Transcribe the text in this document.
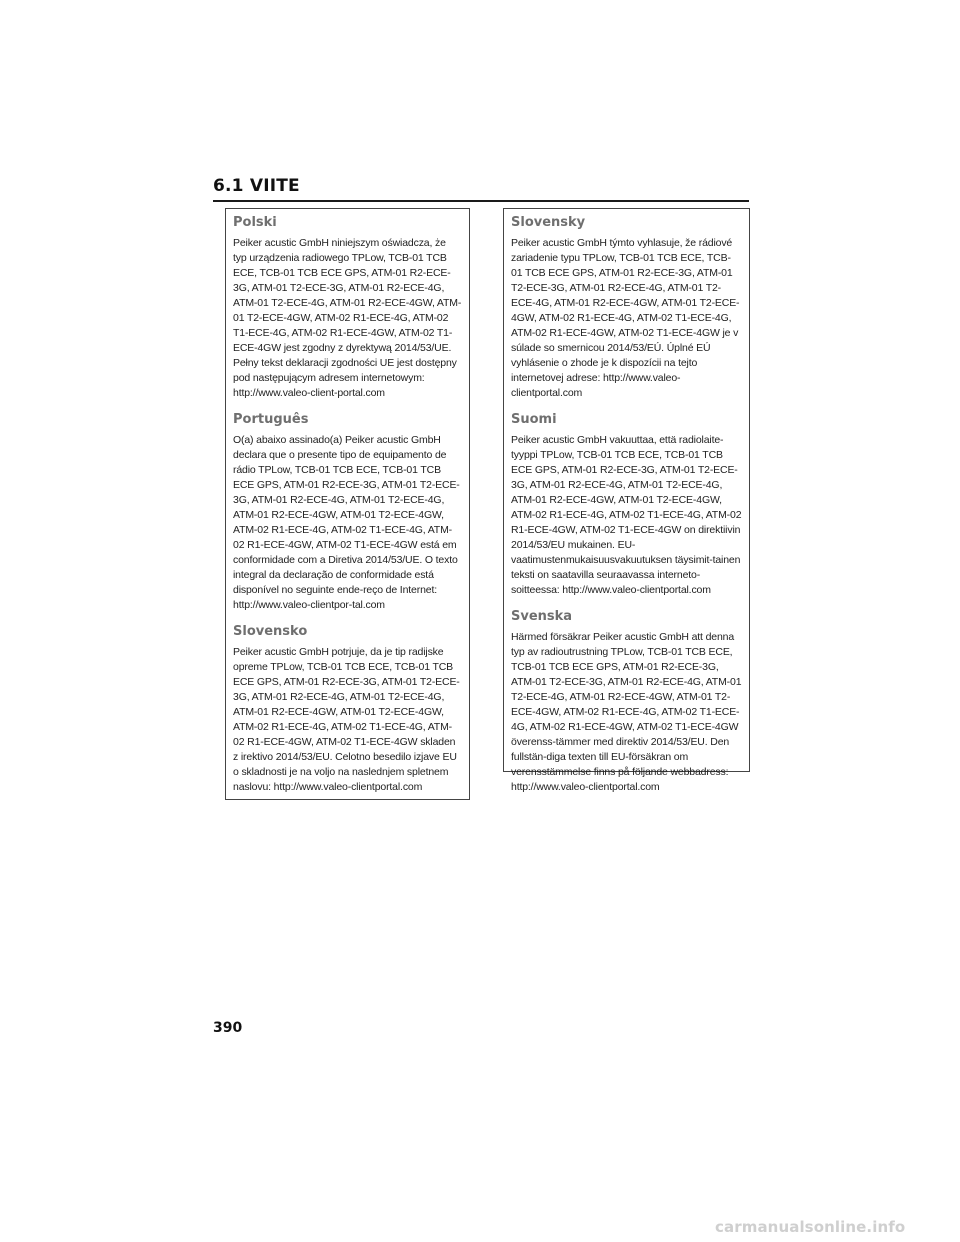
6.1 VIITE
Polski

Peiker acustic GmbH niniejszym oświadcza, że typ urządzenia radiowego TPLow, TCB-01 TCB ECE, TCB-01 TCB ECE GPS, ATM-01 R2-ECE-3G, ATM-01 T2-ECE-3G, ATM-01 R2-ECE-4G, ATM-01 T2-ECE-4G, ATM-01 R2-ECE-4GW, ATM-01 T2-ECE-4GW, ATM-02 R1-ECE-4G, ATM-02 T1-ECE-4G, ATM-02 R1-ECE-4GW, ATM-02 T1-ECE-4GW jest zgodny z dyrektywą 2014/53/UE. Pełny tekst deklaracji zgodności UE jest dostępny pod następującym adresem internetowym: http://www.valeo-client-portal.com

Português

O(a) abaixo assinado(a) Peiker acustic GmbH declara que o presente tipo de equipamento de rádio TPLow, TCB-01 TCB ECE, TCB-01 TCB ECE GPS, ATM-01 R2-ECE-3G, ATM-01 T2-ECE-3G, ATM-01 R2-ECE-4G, ATM-01 T2-ECE-4G, ATM-01 R2-ECE-4GW, ATM-01 T2-ECE-4GW, ATM-02 R1-ECE-4G, ATM-02 T1-ECE-4G, ATM-02 R1-ECE-4GW, ATM-02 T1-ECE-4GW está em conformidade com a Diretiva 2014/53/UE. O texto integral da declaração de conformidade está disponível no seguinte ende-reço de Internet: http://www.valeo-clientpor-tal.com

Slovensko

Peiker acustic GmbH potrjuje, da je tip radijske opreme TPLow, TCB-01 TCB ECE, TCB-01 TCB ECE GPS, ATM-01 R2-ECE-3G, ATM-01 T2-ECE-3G, ATM-01 R2-ECE-4G, ATM-01 T2-ECE-4G, ATM-01 R2-ECE-4GW, ATM-01 T2-ECE-4GW, ATM-02 R1-ECE-4G, ATM-02 T1-ECE-4G, ATM-02 R1-ECE-4GW, ATM-02 T1-ECE-4GW skladen z irektivo 2014/53/EU. Celotno besedilo izjave EU o skladnosti je na voljo na naslednjem spletnem naslovu: http://www.valeo-clientportal.com

Slovensky

Peiker acustic GmbH týmto vyhlasuje, že rádiové zariadenie typu TPLow, TCB-01 TCB ECE, TCB-01 TCB ECE GPS, ATM-01 R2-ECE-3G, ATM-01 T2-ECE-3G, ATM-01 R2-ECE-4G, ATM-01 T2-ECE-4G, ATM-01 R2-ECE-4GW, ATM-01 T2-ECE-4GW, ATM-02 R1-ECE-4G, ATM-02 T1-ECE-4G, ATM-02 R1-ECE-4GW, ATM-02 T1-ECE-4GW je v súlade so smernicou 2014/53/EÚ. Úplné EÚ vyhlásenie o zhode je k dispozícii na tejto internetovej adrese: http://www.valeo-clientportal.com

Suomi

Peiker acustic GmbH vakuuttaa, että radiolaite-tyyppi TPLow, TCB-01 TCB ECE, TCB-01 TCB ECE GPS, ATM-01 R2-ECE-3G, ATM-01 T2-ECE-3G, ATM-01 R2-ECE-4G, ATM-01 T2-ECE-4G, ATM-01 R2-ECE-4GW, ATM-01 T2-ECE-4GW, ATM-02 R1-ECE-4G, ATM-02 T1-ECE-4G, ATM-02 R1-ECE-4GW, ATM-02 T1-ECE-4GW on direktiivin 2014/53/EU mukainen. EU-vaatimustenmukaisuusvakuutuksen täysimit-tainen teksti on saatavilla seuraavassa interneto-soitteessa: http://www.valeo-clientportal.com

Svenska

Härmed försäkrar Peiker acustic GmbH att denna typ av radioutrustning TPLow, TCB-01 TCB ECE, TCB-01 TCB ECE GPS, ATM-01 R2-ECE-3G, ATM-01 T2-ECE-3G, ATM-01 R2-ECE-4G, ATM-01 T2-ECE-4G, ATM-01 R2-ECE-4GW, ATM-01 T2-ECE-4GW, ATM-02 R1-ECE-4G, ATM-02 T1-ECE-4G, ATM-02 R1-ECE-4GW, ATM-02 T1-ECE-4GW överenss-tämmer med direktiv 2014/53/EU. Den fullstän-diga texten till EU-försäkran om verensstämmelse finns på följande webbadress: http://www.valeo-clientportal.com

390
carmanualsonline.info
